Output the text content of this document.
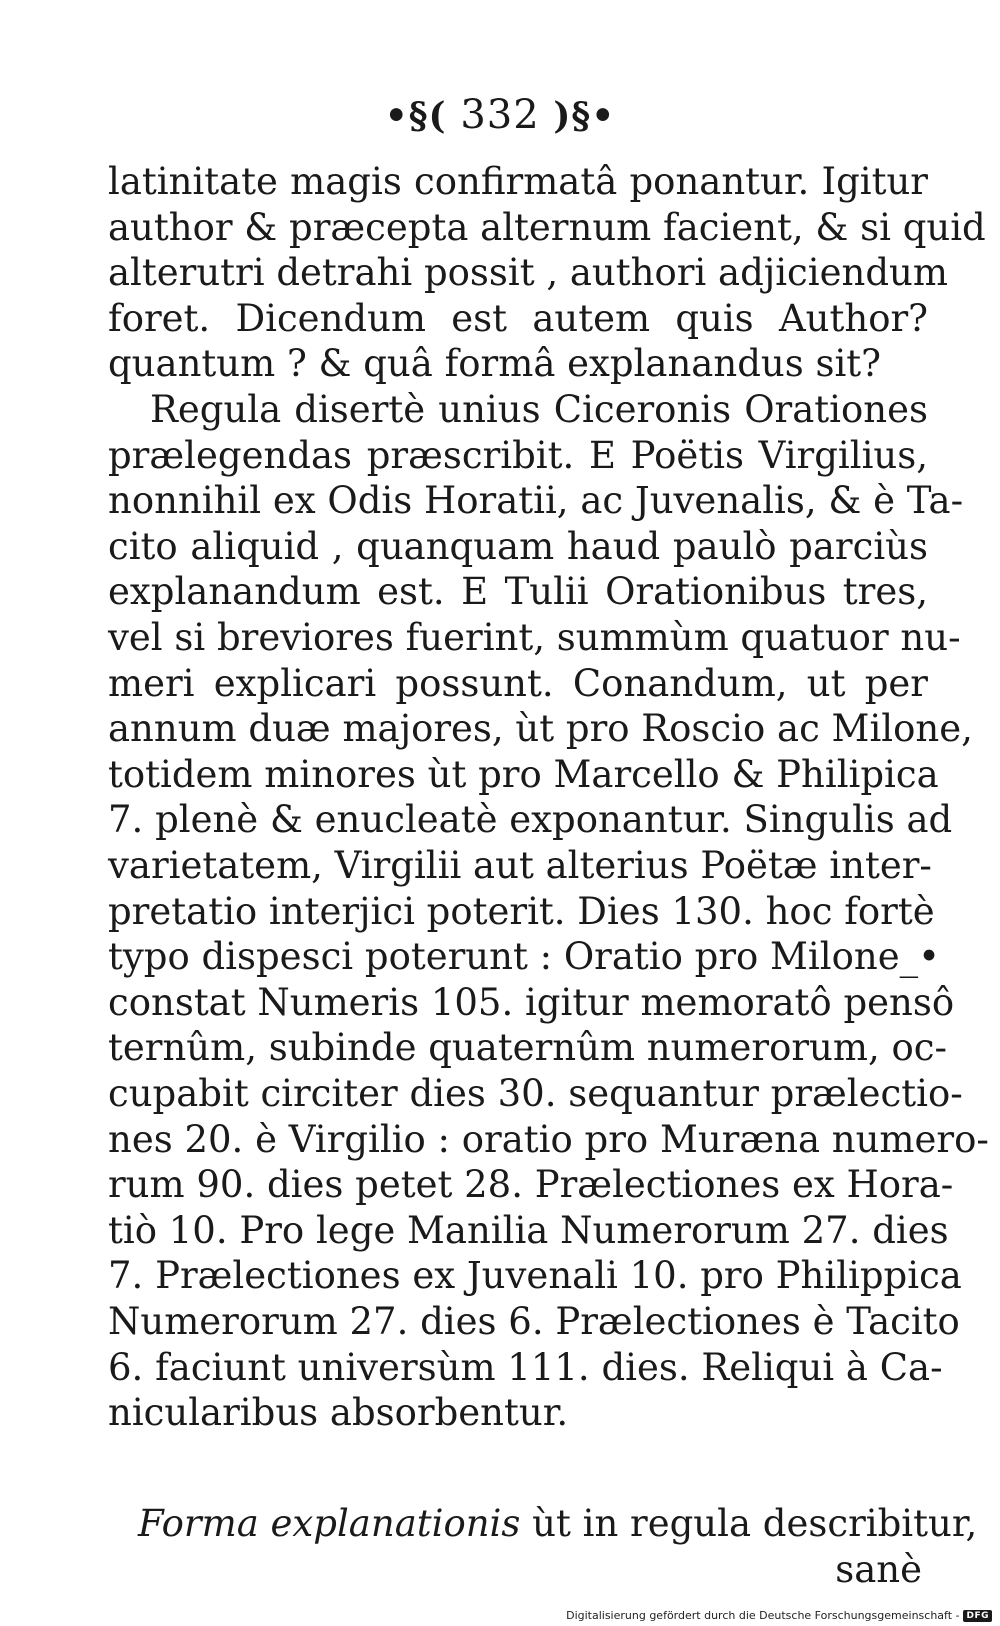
•§( 332 )§•
latinitate magis confirmatâ ponantur. Igitur
author & præcepta alternum facient, & si quid
alterutri detrahi possit , authori adjiciendum
foret. Dicendum est autem quis Author?
quantum ? & quâ formâ explanandus sit?
Regula disertè unius Ciceronis Orationes
prælegendas præscribit. E Poëtis Virgilius,
nonnihil ex Odis Horatii, ac Juvenalis, & è Ta-
cito aliquid , quanquam haud paulò parciùs
explanandum est. E Tulii Orationibus tres,
vel si breviores fuerint, summùm quatuor nu-
meri explicari possunt. Conandum, ut per
annum duæ majores, ùt pro Roscio ac Milone,
totidem minores ùt pro Marcello & Philipica
7. plenè & enucleatè exponantur. Singulis ad
varietatem, Virgilii aut alterius Poëtæ inter-
pretatio interjici poterit. Dies 130. hoc fortè
typo dispesci poterunt : Oratio pro Milone_•
constat Numeris 105. igitur memoratô pensô
ternûm, subinde quaternûm numerorum, oc-
cupabit circiter dies 30. sequantur prælectio-
nes 20. è Virgilio : oratio pro Muræna numero-
rum 90. dies petet 28. Prælectiones ex Hora-
tiò 10. Pro lege Manilia Numerorum 27. dies
7. Prælectiones ex Juvenali 10. pro Philippica
Numerorum 27. dies 6. Prælectiones è Tacito
6. faciunt universùm 111. dies. Reliqui à Ca-
nicularibus absorbentur.
Forma explanationis ùt in regula describitur,
sanè
Digitalisierung gefördert durch die Deutsche Forschungsgemeinschaft - DFG
